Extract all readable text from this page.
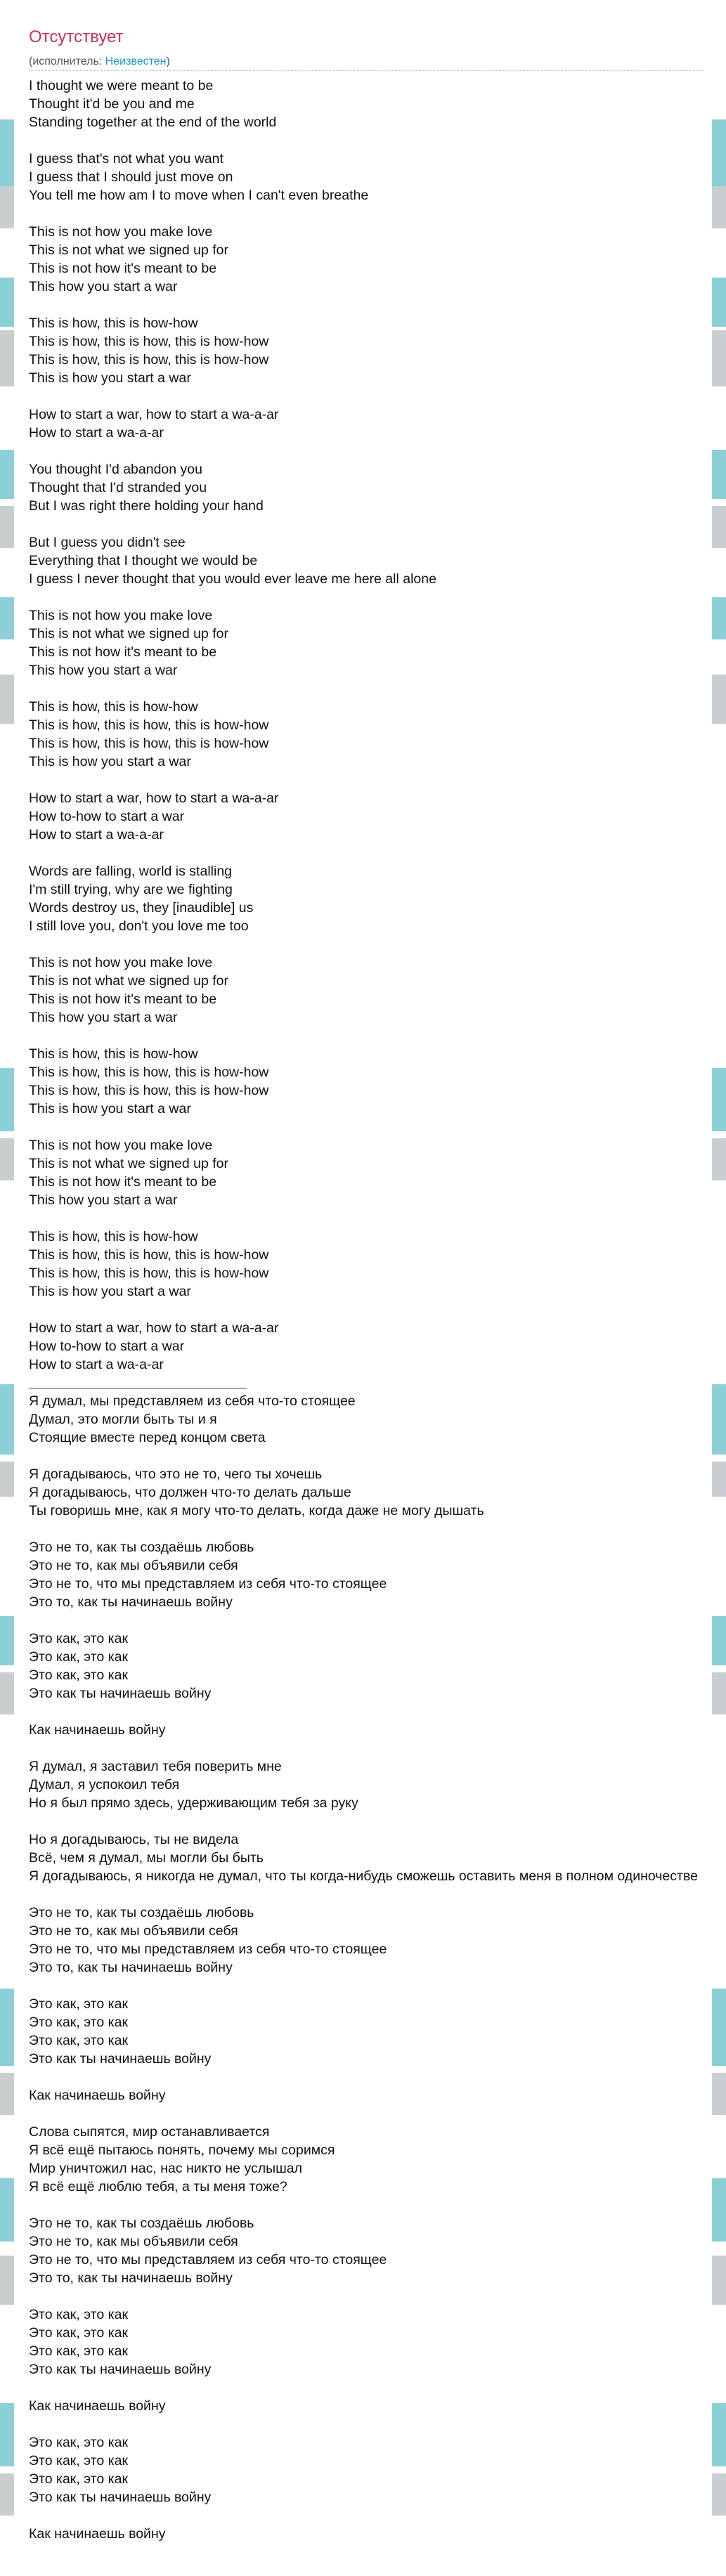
Отсутствует
(исполнитель: Неизвестен)
I thought we were meant to be
Thought it'd be you and me
Standing together at the end of the world
I guess that's not what you want
I guess that I should just move on
You tell me how am I to move when I can't even breathe
This is not how you make love
This is not what we signed up for
This is not how it's meant to be
This how you start a war
This is how, this is how-how
This is how, this is how, this is how-how
This is how, this is how, this is how-how
This is how you start a war
How to start a war, how to start a wa-a-ar
How to start a wa-a-ar
You thought I'd abandon you
Thought that I'd stranded you
But I was right there holding your hand
But I guess you didn't see
Everything that I thought we would be
I guess I never thought that you would ever leave me here all alone
This is not how you make love
This is not what we signed up for
This is not how it's meant to be
This how you start a war
This is how, this is how-how
This is how, this is how, this is how-how
This is how, this is how, this is how-how
This is how you start a war
How to start a war, how to start a wa-a-ar
How to-how to start a war
How to start a wa-a-ar
Words are falling, world is stalling
I'm still trying, why are we fighting
Words destroy us, they [inaudible] us
I still love you, don't you love me too
This is not how you make love
This is not what we signed up for
This is not how it's meant to be
This how you start a war
This is how, this is how-how
This is how, this is how, this is how-how
This is how, this is how, this is how-how
This is how you start a war
This is not how you make love
This is not what we signed up for
This is not how it's meant to be
This how you start a war
This is how, this is how-how
This is how, this is how, this is how-how
This is how, this is how, this is how-how
This is how you start a war
How to start a war, how to start a wa-a-ar
How to-how to start a war
How to start a wa-a-ar
Я думал, мы представляем из себя что-то стоящее
Думал, это могли быть ты и я
Стоящие вместе перед концом света
Я догадываюсь, что это не то, чего ты хочешь
Я догадываюсь, что должен что-то делать дальше
Ты говоришь мне, как я могу что-то делать, когда даже не могу дышать
Это не то, как ты создаёшь любовь
Это не то, как мы объявили себя
Это не то, что мы представляем из себя что-то стоящее
Это то, как ты начинаешь войну
Это как, это как
Это как, это как
Это как, это как
Это как ты начинаешь войну
Как начинаешь войну
Я думал, я заставил тебя поверить мне
Думал, я успокоил тебя
Но я был прямо здесь, удерживающим тебя за руку
Но я догадываюсь, ты не видела
Всё, чем я думал, мы могли бы быть
Я догадываюсь, я никогда не думал, что ты когда-нибудь сможешь оставить меня в полном одиночестве
Это не то, как ты создаёшь любовь
Это не то, как мы объявили себя
Это не то, что мы представляем из себя что-то стоящее
Это то, как ты начинаешь войну
Это как, это как
Это как, это как
Это как, это как
Это как ты начинаешь войну
Как начинаешь войну
Слова сыпятся, мир останавливается
Я всё ещё пытаюсь понять, почему мы соримся
Мир уничтожил нас, нас никто не услышал
Я всё ещё люблю тебя, а ты меня тоже?
Это не то, как ты создаёшь любовь
Это не то, как мы объявили себя
Это не то, что мы представляем из себя что-то стоящее
Это то, как ты начинаешь войну
Это как, это как
Это как, это как
Это как, это как
Это как ты начинаешь войну
Как начинаешь войну
Это как, это как
Это как, это как
Это как, это как
Это как ты начинаешь войну
Как начинаешь войну
